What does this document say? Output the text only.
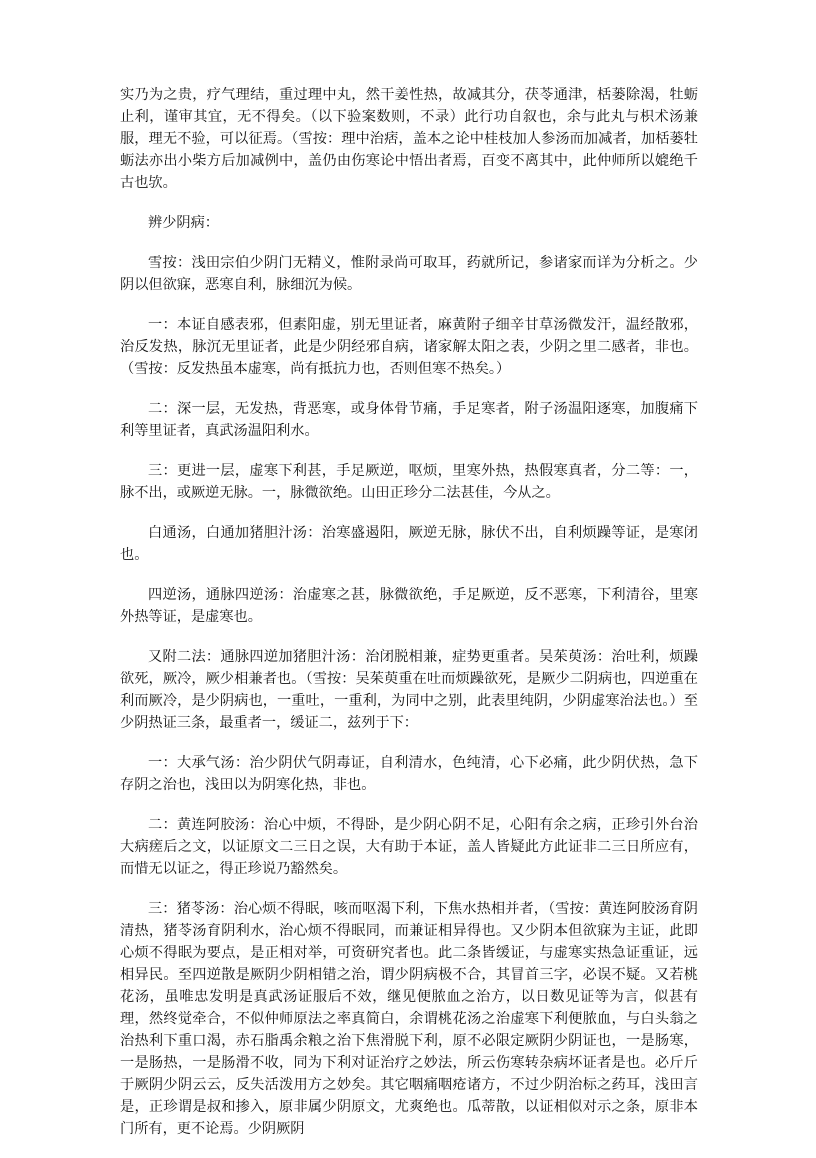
实乃为之贵，疗气理结，重过理中丸，然干姜性热，故减其分，茯苓通津，栝蒌除渴，牡蛎止利，谨审其宜，无不得矣。（以下验案数则，不录）此行功自叙也，余与此丸与枳术汤兼服，理无不验，可以征焉。（雪按：理中治痞，盖本之论中桂枝加人参汤而加减者，加栝蒌牡蛎法亦出小柴方后加减例中，盖仍由伤寒论中悟出者焉，百变不离其中，此仲师所以媲绝千古也欤。

辨少阴病：

雪按：浅田宗伯少阴门无精义，惟附录尚可取耳，药就所记，参诸家而详为分析之。少阴以但欲寐，恶寒自利，脉细沉为候。

一：本证自感表邪，但素阳虚，别无里证者，麻黄附子细辛甘草汤微发汗，温经散邪，治反发热，脉沉无里证者，此是少阴经邪自病，诸家解太阳之表，少阴之里二感者，非也。（雪按：反发热虽本虚寒，尚有抵抗力也，否则但寒不热矣。）

二：深一层，无发热，背恶寒，或身体骨节痛，手足寒者，附子汤温阳逐寒，加腹痛下利等里证者，真武汤温阳利水。

三：更进一层，虚寒下利甚，手足厥逆，呕烦，里寒外热，热假寒真者，分二等：一，脉不出，或厥逆无脉。一，脉微欲绝。山田正珍分二法甚佳，今从之。

白通汤，白通加猪胆汁汤：治寒盛遏阳，厥逆无脉，脉伏不出，自利烦躁等证，是寒闭也。

四逆汤，通脉四逆汤：治虚寒之甚，脉微欲绝，手足厥逆，反不恶寒，下利清谷，里寒外热等证，是虚寒也。

又附二法：通脉四逆加猪胆汁汤：治闭脱相兼，症势更重者。吴茱萸汤：治吐利，烦躁欲死，厥冷，厥少相兼者也。（雪按：吴茱萸重在吐而烦躁欲死，是厥少二阴病也，四逆重在利而厥冷，是少阴病也，一重吐，一重利，为同中之别，此表里纯阴，少阴虚寒治法也。）至少阴热证三条，最重者一，缓证二，兹列于下：

一：大承气汤：治少阴伏气阴毒证，自利清水，色纯清，心下必痛，此少阴伏热，急下存阴之治也，浅田以为阴寒化热，非也。

二：黄连阿胶汤：治心中烦，不得卧，是少阴心阴不足，心阳有余之病，正珍引外台治大病瘥后之文，以证原文二三日之误，大有助于本证，盖人皆疑此方此证非二三日所应有，而惜无以证之，得正珍说乃豁然矣。

三：猪苓汤：治心烦不得眠，咳而呕渴下利，下焦水热相并者，（雪按：黄连阿胶汤育阴清热，猪苓汤育阴利水，治心烦不得眠同，而兼证相异得也。又少阴本但欲寐为主证，此即心烦不得眠为要点，是正相对举，可资研究者也。此二条皆缓证，与虚寒实热急证重证，远相异民。至四逆散是厥阴少阴相错之治，谓少阴病极不合，其冒首三字，必误不疑。又若桃花汤，虽唯忠发明是真武汤证服后不效，继见便脓血之治方，以日数见证等为言，似甚有理，然终觉牵合，不似仲师原法之率真简白，余谓桃花汤之治虚寒下利便脓血，与白头翁之治热利下重口渴，赤石脂禹余粮之治下焦滑脱下利，原不必限定厥阴少阴证也，一是肠寒，一是肠热，一是肠滑不收，同为下利对证治疗之妙法，所云伤寒转杂病坏证者是也。必斤斤于厥阴少阴云云，反失活泼用方之妙矣。其它咽痛咽疮诸方，不过少阴治标之药耳，浅田言是，正珍谓是叔和掺入，原非属少阴原文，尤爽绝也。瓜蒂散，以证相似对示之条，原非本门所有，更不论焉。少阴厥阴
